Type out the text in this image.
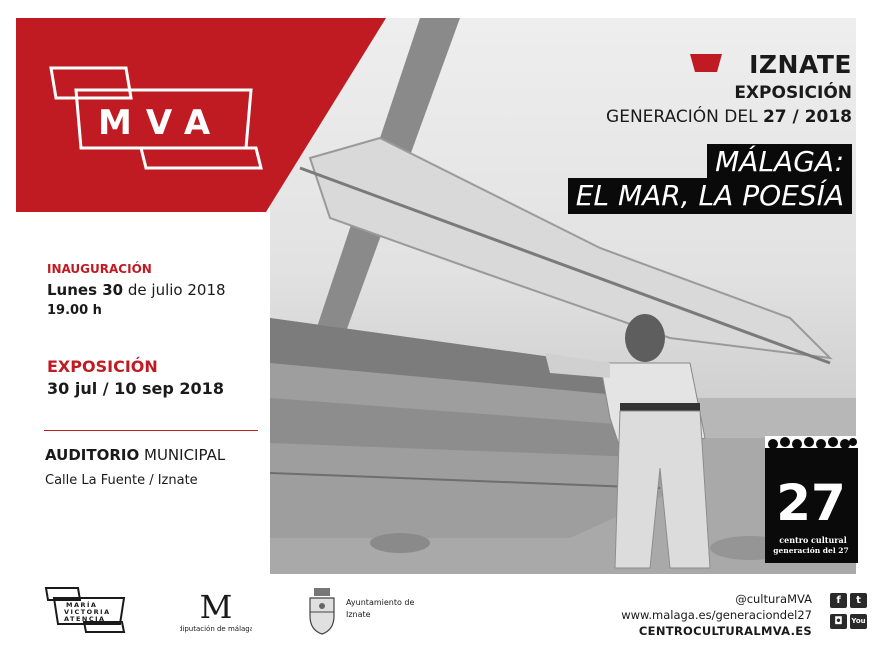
MVA
IZNATE
EXPOSICIÓN
GENERACIÓN DEL 27 / 2018
MÁLAGA:
EL MAR, LA POESÍA
INAUGURACIÓN
Lunes 30 de julio 2018
19.00 h
EXPOSICIÓN
30 jul / 10 sep 2018
AUDITORIO MUNICIPAL
Calle La Fuente / Iznate	27
centro cultural
generación del 27
MARÍA
VICTORIA
ATENCIA	M
diputación de málaga
Ayuntamiento de
Iznate
@culturaMVA
www.malaga.es/generaciondel27
CENTROCULTURALMVA.ES
f	t
◘	You
